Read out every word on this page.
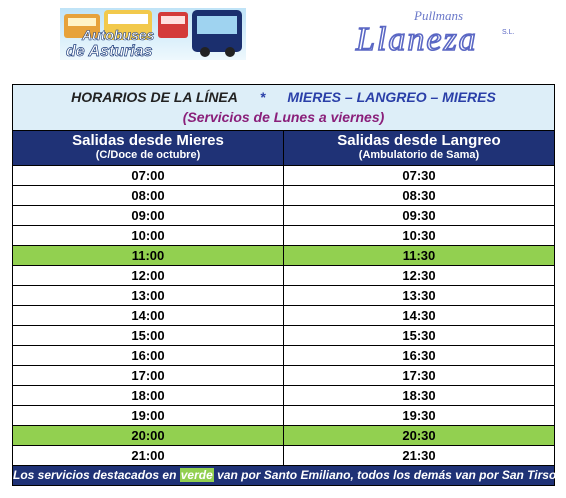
Autobuses
de Asturias
Pullmans
Llaneza	S.L.
HORARIOS DE LA LÍNEA * MIERES – LANGREO – MIERES
(Servicios de Lunes a viernes)
Salidas desde Mieres
(C/Doce de octubre)
Salidas desde Langreo
(Ambulatorio de Sama)
07:00	07:30
08:00	08:30
09:00	09:30
10:00	10:30
11:00	11:30
12:00	12:30
13:00	13:30
14:00	14:30
15:00	15:30
16:00	16:30
17:00	17:30
18:00	18:30
19:00	19:30
20:00	20:30
21:00	21:30
Los servicios destacados en verde van por Santo Emiliano, todos los demás van por San Tirso.
